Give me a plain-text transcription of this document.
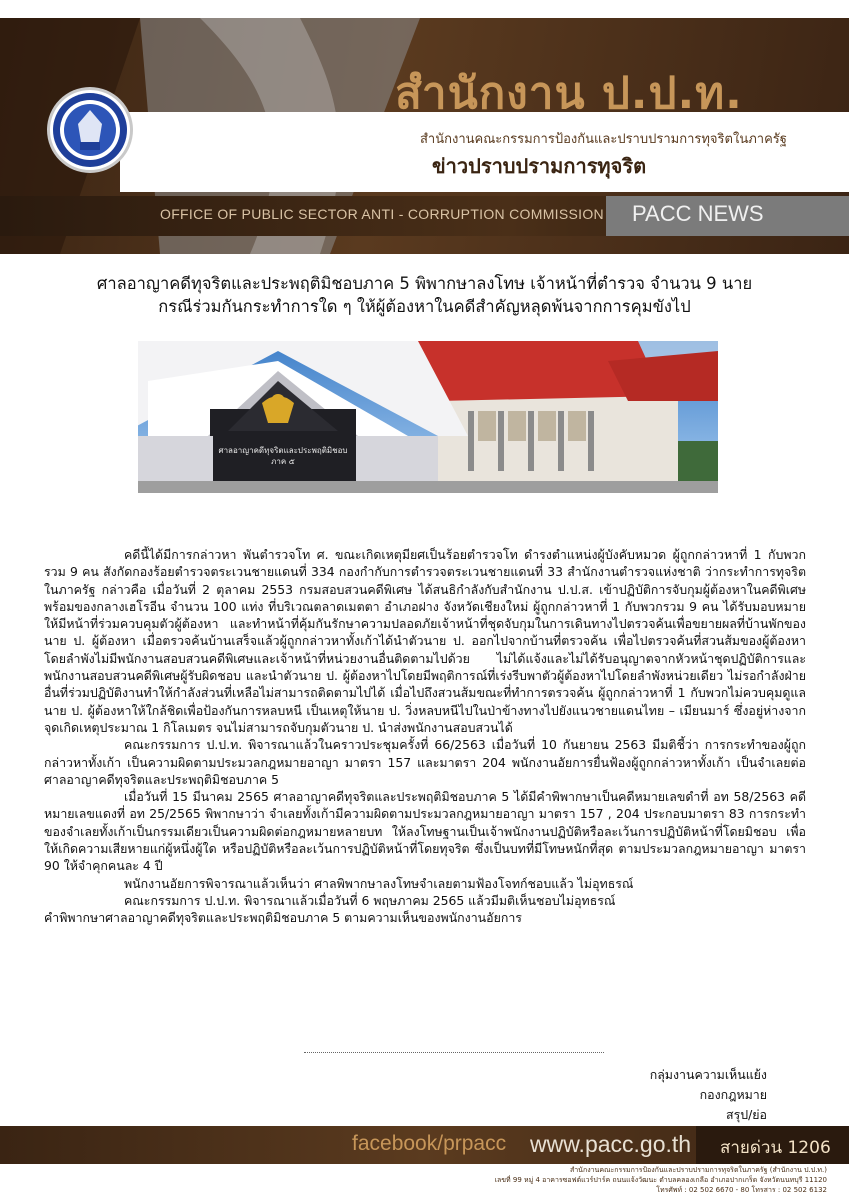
สำนักงาน ป.ป.ท.
สำนักงานคณะกรรมการป้องกันและปราบปรามการทุจริตในภาครัฐ
ข่าวปราบปรามการทุจริต
OFFICE OF PUBLIC SECTOR ANTI - CORRUPTION COMMISSION PACC NEWS
ศาลอาญาคดีทุจริตและประพฤติมิชอบภาค 5 พิพากษาลงโทษ เจ้าหน้าที่ตำรวจ จำนวน 9 นาย
กรณีร่วมกันกระทำการใด ๆ ให้ผู้ต้องหาในคดีสำคัญหลุดพ้นจากการคุมขังไป
ศาลอาญาคดีทุจริตและประพฤติมิชอบ
ภาค ๕

คดีนี้ได้มีการกล่าวหา พันตำรวจโท ศ. ขณะเกิดเหตุมียศเป็นร้อยตำรวจโท ดำรงตำแหน่งผู้บังคับหมวด ผู้ถูกกล่าวหาที่ 1 กับพวกรวม 9 คน สังกัดกองร้อยตำรวจตระเวนชายแดนที่ 334 กองกำกับการตำรวจตระเวนชายแดนที่ 33 สำนักงานตำรวจแห่งชาติ ว่ากระทำการทุจริตในภาครัฐ กล่าวคือ เมื่อวันที่ 2 ตุลาคม 2553 กรมสอบสวนคดีพิเศษ ได้สนธิกำลังกับสำนักงาน ป.ป.ส. เข้าปฏิบัติการจับกุมผู้ต้องหาในคดีพิเศษพร้อมของกลางเฮโรอีน จำนวน 100 แท่ง ที่บริเวณตลาดเมตตา อำเภอฝาง จังหวัดเชียงใหม่ ผู้ถูกกล่าวหาที่ 1 กับพวกรวม 9 คน ได้รับมอบหมายให้มีหน้าที่ร่วมควบคุมตัวผู้ต้องหา และทำหน้าที่คุ้มกันรักษาความปลอดภัยเจ้าหน้าที่ชุดจับกุมในการเดินทางไปตรวจค้นเพื่อขยายผลที่บ้านพักของนาย ป. ผู้ต้องหา เมื่อตรวจค้นบ้านเสร็จแล้วผู้ถูกกล่าวหาทั้งเก้าได้นำตัวนาย ป. ออกไปจากบ้านที่ตรวจค้น เพื่อไปตรวจค้นที่สวนส้มของผู้ต้องหาโดยลำพังไม่มีพนักงานสอบสวนคดีพิเศษและเจ้าหน้าที่หน่วยงานอื่นติดตามไปด้วย ไม่ได้แจ้งและไม่ได้รับอนุญาตจากหัวหน้าชุดปฏิบัติการและพนักงานสอบสวนคดีพิเศษผู้รับผิดชอบ และนำตัวนาย ป. ผู้ต้องหาไปโดยมีพฤติการณ์ที่เร่งรีบพาตัวผู้ต้องหาไปโดยลำพังหน่วยเดียว ไม่รอกำลังฝ่ายอื่นที่ร่วมปฏิบัติงานทำให้กำลังส่วนที่เหลือไม่สามารถติดตามไปได้ เมื่อไปถึงสวนส้มขณะที่ทำการตรวจค้น ผู้ถูกกล่าวหาที่ 1 กับพวกไม่ควบคุมดูแลนาย ป. ผู้ต้องหาให้ใกล้ชิดเพื่อป้องกันการหลบหนี เป็นเหตุให้นาย ป. วิ่งหลบหนีไปในป่าข้างทางไปยังแนวชายแดนไทย – เมียนมาร์ ซึ่งอยู่ห่างจากจุดเกิดเหตุประมาณ 1 กิโลเมตร จนไม่สามารถจับกุมตัวนาย ป. นำส่งพนักงานสอบสวนได้

คณะกรรมการ ป.ป.ท. พิจารณาแล้วในคราวประชุมครั้งที่ 66/2563 เมื่อวันที่ 10 กันยายน 2563 มีมติชี้ว่า การกระทำของผู้ถูกกล่าวหาทั้งเก้า เป็นความผิดตามประมวลกฎหมายอาญา มาตรา 157 และมาตรา 204 พนักงานอัยการยื่นฟ้องผู้ถูกกล่าวหาทั้งเก้า เป็นจำเลยต่อศาลอาญาคดีทุจริตและประพฤติมิชอบภาค 5

เมื่อวันที่ 15 มีนาคม 2565 ศาลอาญาคดีทุจริตและประพฤติมิชอบภาค 5 ได้มีคำพิพากษาเป็นคดีหมายเลขดำที่ อท 58/2563 คดีหมายเลขแดงที่ อท 25/2565 พิพากษาว่า จำเลยทั้งเก้ามีความผิดตามประมวลกฎหมายอาญา มาตรา 157 , 204 ประกอบมาตรา 83 การกระทำของจำเลยทั้งเก้าเป็นกรรมเดียวเป็นความผิดต่อกฎหมายหลายบท ให้ลงโทษฐานเป็นเจ้าพนักงานปฏิบัติหรือละเว้นการปฏิบัติหน้าที่โดยมิชอบ เพื่อให้เกิดความเสียหายแก่ผู้หนึ่งผู้ใด หรือปฏิบัติหรือละเว้นการปฏิบัติหน้าที่โดยทุจริต ซึ่งเป็นบทที่มีโทษหนักที่สุด ตามประมวลกฎหมายอาญา มาตรา 90 ให้จำคุกคนละ 4 ปี

พนักงานอัยการพิจารณาแล้วเห็นว่า ศาลพิพากษาลงโทษจำเลยตามฟ้องโจทก์ชอบแล้ว ไม่อุทธรณ์

คณะกรรมการ ป.ป.ท. พิจารณาแล้วเมื่อวันที่ 6 พฤษภาคม 2565 แล้วมีมติเห็นชอบไม่อุทธรณ์

คำพิพากษาศาลอาญาคดีทุจริตและประพฤติมิชอบภาค 5 ตามความเห็นของพนักงานอัยการ

กลุ่มงานความเห็นแย้ง
กองกฎหมาย
สรุป/ย่อ
facebook/prpacc www.pacc.go.th สายด่วน 1206
สำนักงานคณะกรรมการป้องกันและปราบปรามการทุจริตในภาครัฐ (สำนักงาน ป.ป.ท.)
เลขที่ 99 หมู่ 4 อาคารซอฟต์แวร์ปาร์ค ถนนแจ้งวัฒนะ ตำบลคลองเกลือ อำเภอปากเกร็ด จังหวัดนนทบุรี 11120
โทรศัพท์ : 02 502 6670 - 80 โทรสาร : 02 502 6132
